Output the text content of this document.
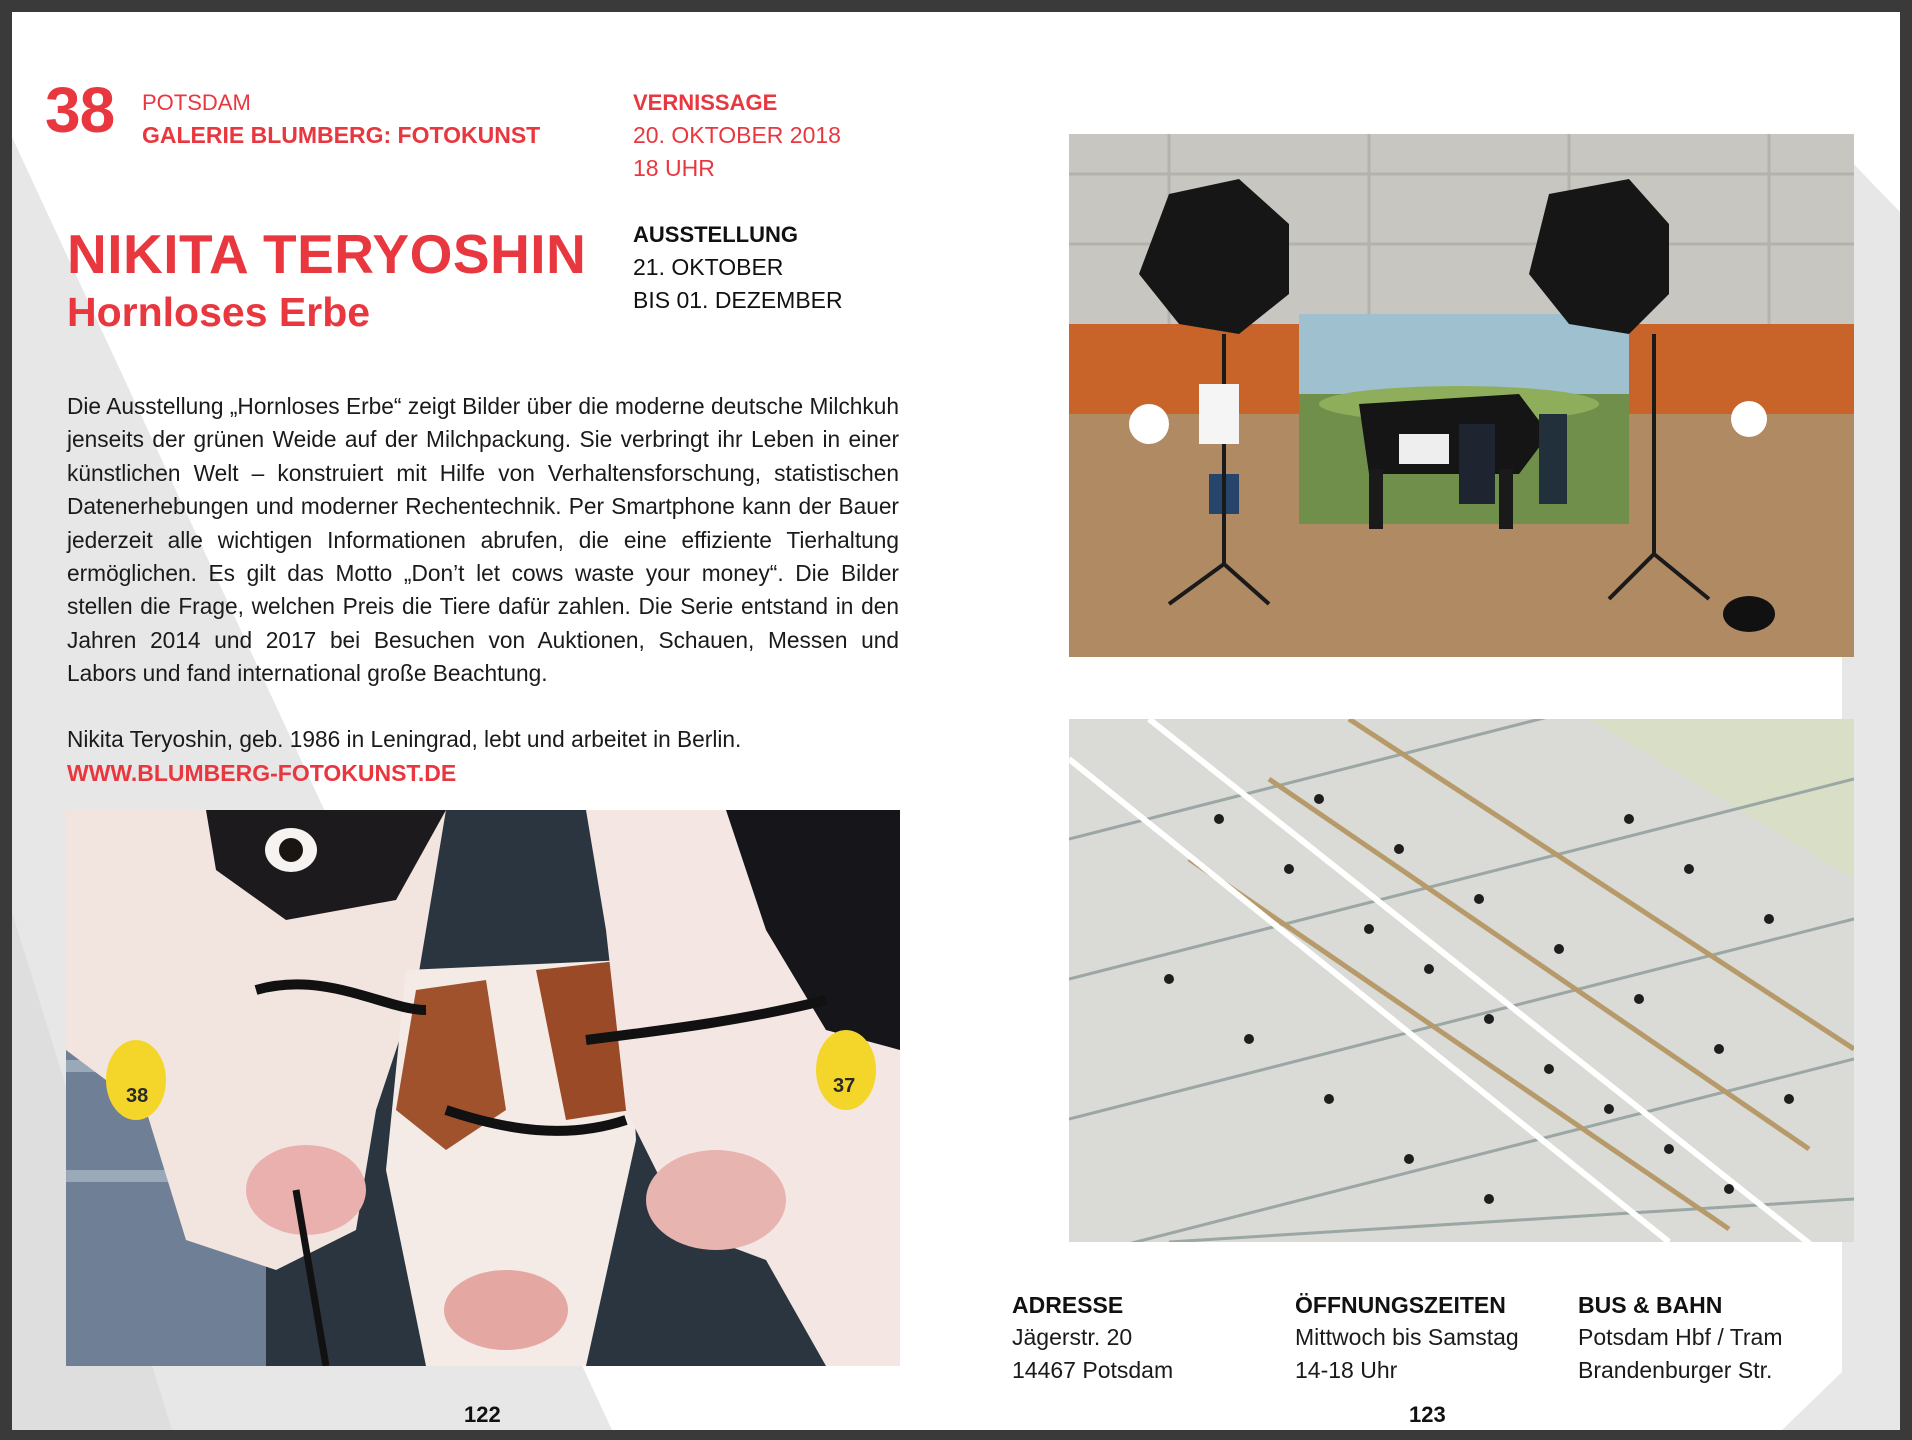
38 POTSDAM
GALERIE BLUMBERG: FOTOKUNST
VERNISSAGE
20. OKTOBER 2018
18 UHR
AUSSTELLUNG
21. OKTOBER
BIS 01. DEZEMBER
NIKITA TERYOSHIN
Hornloses Erbe

Die Ausstellung „Hornloses Erbe“ zeigt Bilder über die moderne deutsche Milchkuh jenseits der grünen Weide auf der Milchpackung. Sie verbringt ihr Leben in einer künstlichen Welt – konstruiert mit Hilfe von Verhaltensforschung, statistischen Datenerhebungen und moderner Rechentechnik. Per Smartphone kann der Bauer jederzeit alle wichtigen Informationen abrufen, die eine effiziente Tierhaltung ermöglichen. Es gilt das Motto „Don’t let cows waste your money“. Die Bilder stellen die Frage, welchen Preis die Tiere dafür zahlen. Die Serie entstand in den Jahren 2014 und 2017 bei Besuchen von Auktionen, Schauen, Messen und Labors und fand international große Beachtung.

Nikita Teryoshin, geb. 1986 in Leningrad, lebt und arbeitet in Berlin.
WWW.BLUMBERG-FOTOKUNST.DE
38	37
ADRESSE
Jägerstr. 20
14467 Potsdam
ÖFFNUNGSZEITEN
Mittwoch bis Samstag
14-18 Uhr
BUS & BAHN
Potsdam Hbf / Tram
Brandenburger Str.
122	123
